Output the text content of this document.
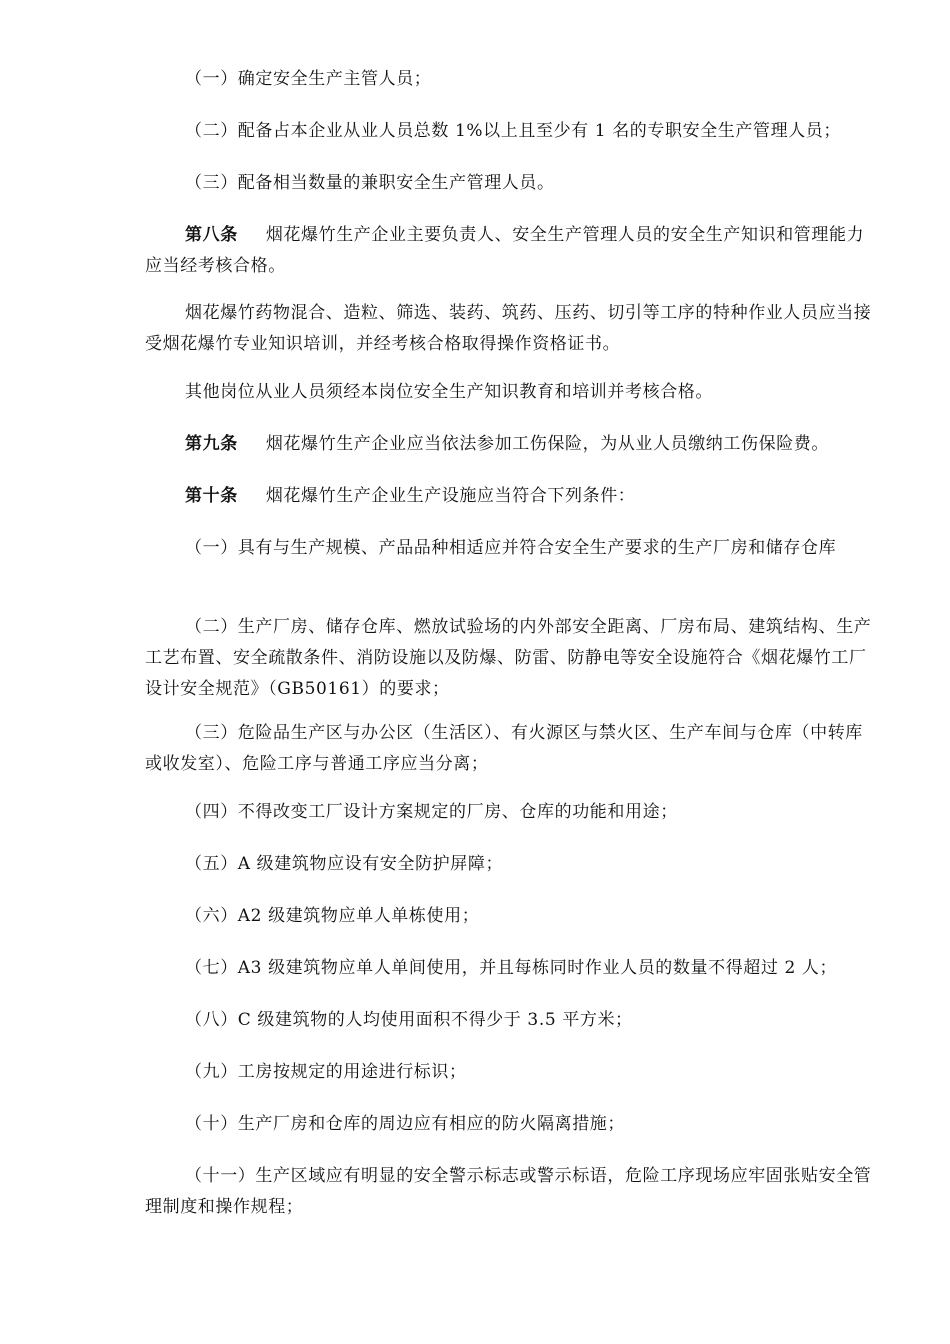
（一）确定安全生产主管人员；

（二）配备占本企业从业人员总数 1%以上且至少有 1 名的专职安全生产管理人员；

（三）配备相当数量的兼职安全生产管理人员。

第八条 烟花爆竹生产企业主要负责人、安全生产管理人员的安全生产知识和管理能力应当经考核合格。

烟花爆竹药物混合、造粒、筛选、装药、筑药、压药、切引等工序的特种作业人员应当接受烟花爆竹专业知识培训，并经考核合格取得操作资格证书。

其他岗位从业人员须经本岗位安全生产知识教育和培训并考核合格。

第九条 烟花爆竹生产企业应当依法参加工伤保险，为从业人员缴纳工伤保险费。

第十条 烟花爆竹生产企业生产设施应当符合下列条件：

（一）具有与生产规模、产品品种相适应并符合安全生产要求的生产厂房和储存仓库

（二）生产厂房、储存仓库、燃放试验场的内外部安全距离、厂房布局、建筑结构、生产工艺布置、安全疏散条件、消防设施以及防爆、防雷、防静电等安全设施符合《烟花爆竹工厂设计安全规范》（GB50161）的要求；

（三）危险品生产区与办公区（生活区）、有火源区与禁火区、生产车间与仓库（中转库或收发室）、危险工序与普通工序应当分离；

（四）不得改变工厂设计方案规定的厂房、仓库的功能和用途；

（五）A 级建筑物应设有安全防护屏障；

（六）A2 级建筑物应单人单栋使用；

（七）A3 级建筑物应单人单间使用，并且每栋同时作业人员的数量不得超过 2 人；

（八）C 级建筑物的人均使用面积不得少于 3.5 平方米；

（九）工房按规定的用途进行标识；

（十）生产厂房和仓库的周边应有相应的防火隔离措施；

（十一）生产区域应有明显的安全警示标志或警示标语，危险工序现场应牢固张贴安全管理制度和操作规程；
